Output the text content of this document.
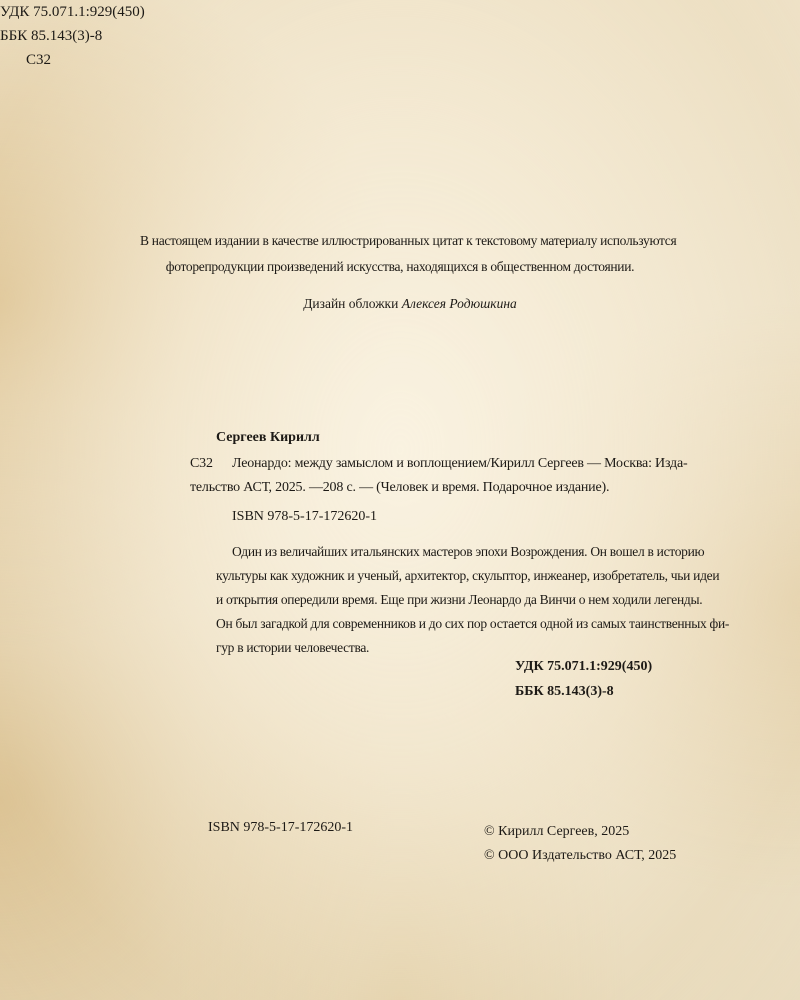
УДК 75.071.1:929(450)
ББК 85.143(3)-8
С32
В настоящем издании в качестве иллюстрированных цитат к текстовому материалу используются
фоторепродукции произведений искусства, находящихся в общественном достоянии.
Дизайн обложки Алексея Родюшкина
Сергеев Кирилл
С32	Леонардо: между замыслом и воплощением/Кирилл Сергеев — Москва: Изда-
тельство АСТ, 2025. —208 с. — (Человек и время. Подарочное издание).
ISBN 978-5-17-172620-1
Один из величайших итальянских мастеров эпохи Возрождения. Он вошел в историю
культуры как художник и ученый, архитектор, скульптор, инжеанер, изобретатель, чьи идеи
и открытия опередили время. Еще при жизни Леонардо да Винчи о нем ходили легенды.
Он был загадкой для современников и до сих пор остается одной из самых таинственных фи-
гур в истории человечества.
УДК 75.071.1:929(450)
ББК 85.143(3)-8
ISBN 978-5-17-172620-1	© Кирилл Сергеев, 2025
© ООО Издательство АСТ, 2025
